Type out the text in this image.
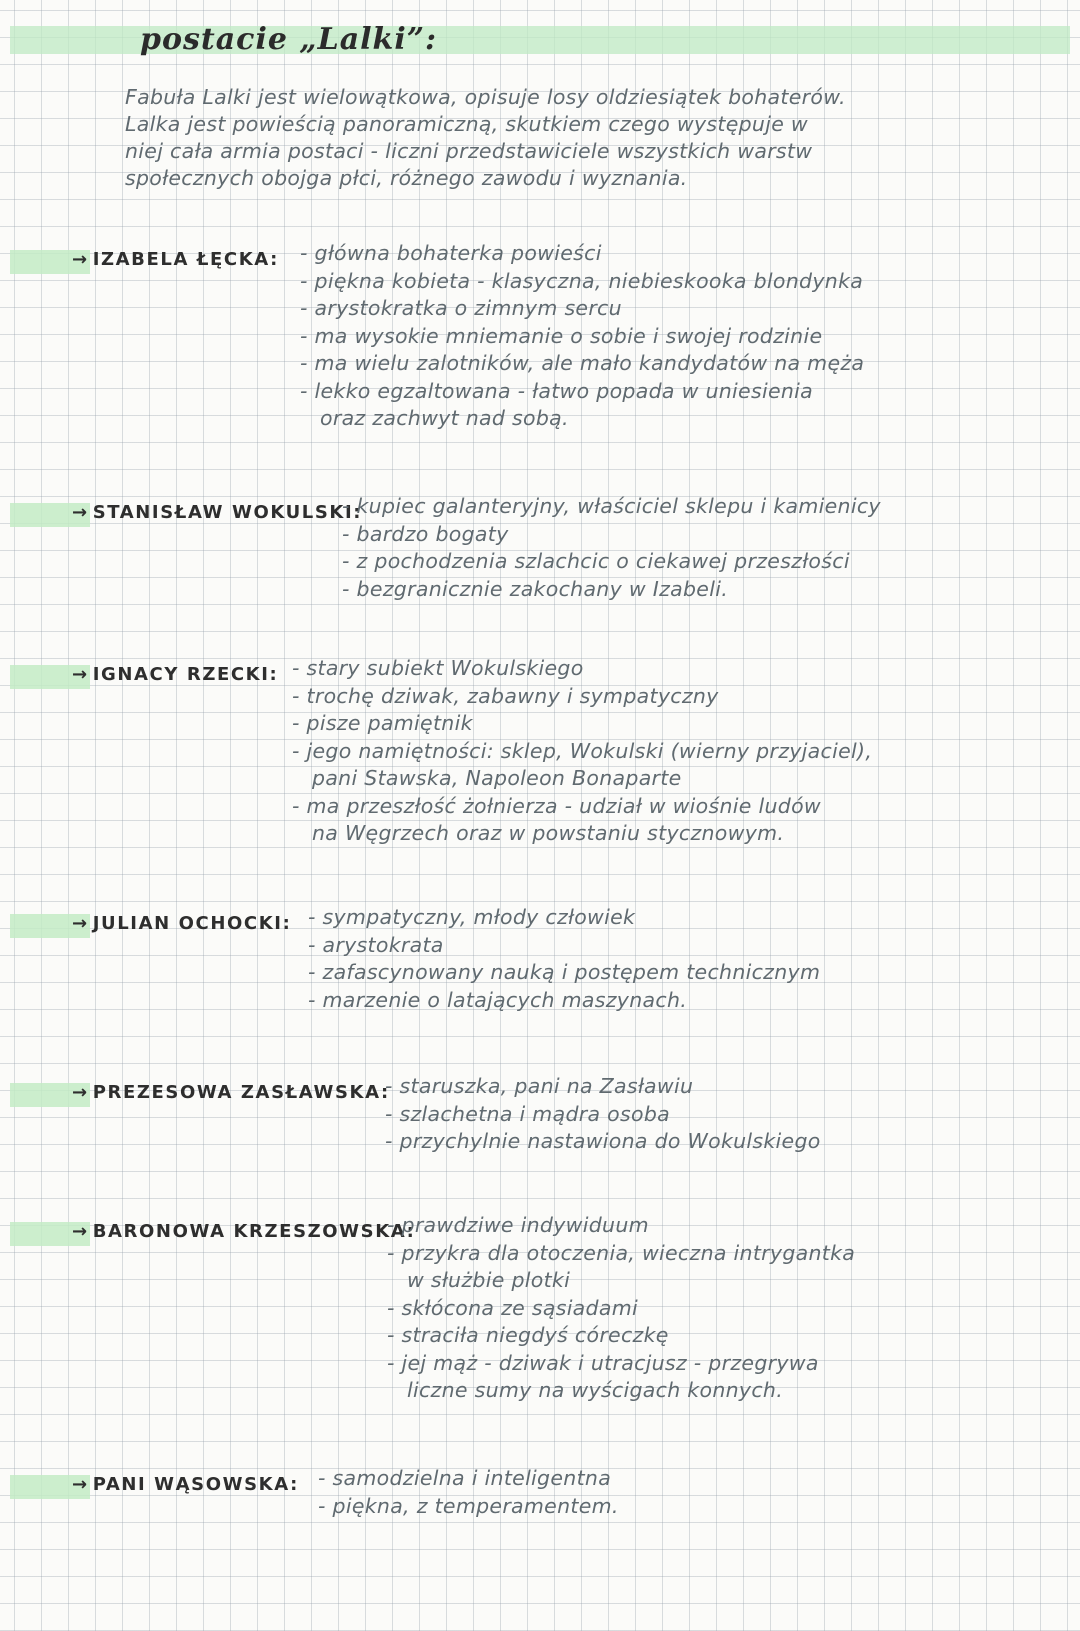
postacie „Lalki”:
Fabuła Lalki jest wielowątkowa, opisuje losy oldziesiątek bohaterów.
Lalka jest powieścią panoramiczną, skutkiem czego występuje w
niej cała armia postaci - liczni przedstawiciele wszystkich warstw
społecznych obojga płci, różnego zawodu i wyznania.
→ IZABELA ŁĘCKA: - główna bohaterka powieści
- piękna kobieta - klasyczna, niebieskooka blondynka
- arystokratka o zimnym sercu
- ma wysokie mniemanie o sobie i swojej rodzinie
- ma wielu zalotników, ale mało kandydatów na męża
- lekko egzaltowana - łatwo popada w uniesienia
oraz zachwyt nad sobą.
→ STANISŁAW WOKULSKI:
- kupiec galanteryjny, właściciel sklepu i kamienicy
- bardzo bogaty
- z pochodzenia szlachcic o ciekawej przeszłości
- bezgranicznie zakochany w Izabeli.
→ IGNACY RZECKI: - stary subiekt Wokulskiego
- trochę dziwak, zabawny i sympatyczny
- pisze pamiętnik
- jego namiętności: sklep, Wokulski (wierny przyjaciel),
pani Stawska, Napoleon Bonaparte
- ma przeszłość żołnierza - udział w wiośnie ludów
na Węgrzech oraz w powstaniu stycznowym.
→ JULIAN OCHOCKI: - sympatyczny, młody człowiek
- arystokrata
- zafascynowany nauką i postępem technicznym
- marzenie o latających maszynach.
→ PREZESOWA ZASŁAWSKA:
- staruszka, pani na Zasławiu
- szlachetna i mądra osoba
- przychylnie nastawiona do Wokulskiego
→ BARONOWA KRZESZOWSKA:
- prawdziwe indywiduum
- przykra dla otoczenia, wieczna intrygantka
w służbie plotki
- skłócona ze sąsiadami
- straciła niegdyś córeczkę
- jej mąż - dziwak i utracjusz - przegrywa
liczne sumy na wyścigach konnych.
→ PANI WĄSOWSKA: - samodzielna i inteligentna
- piękna, z temperamentem.
